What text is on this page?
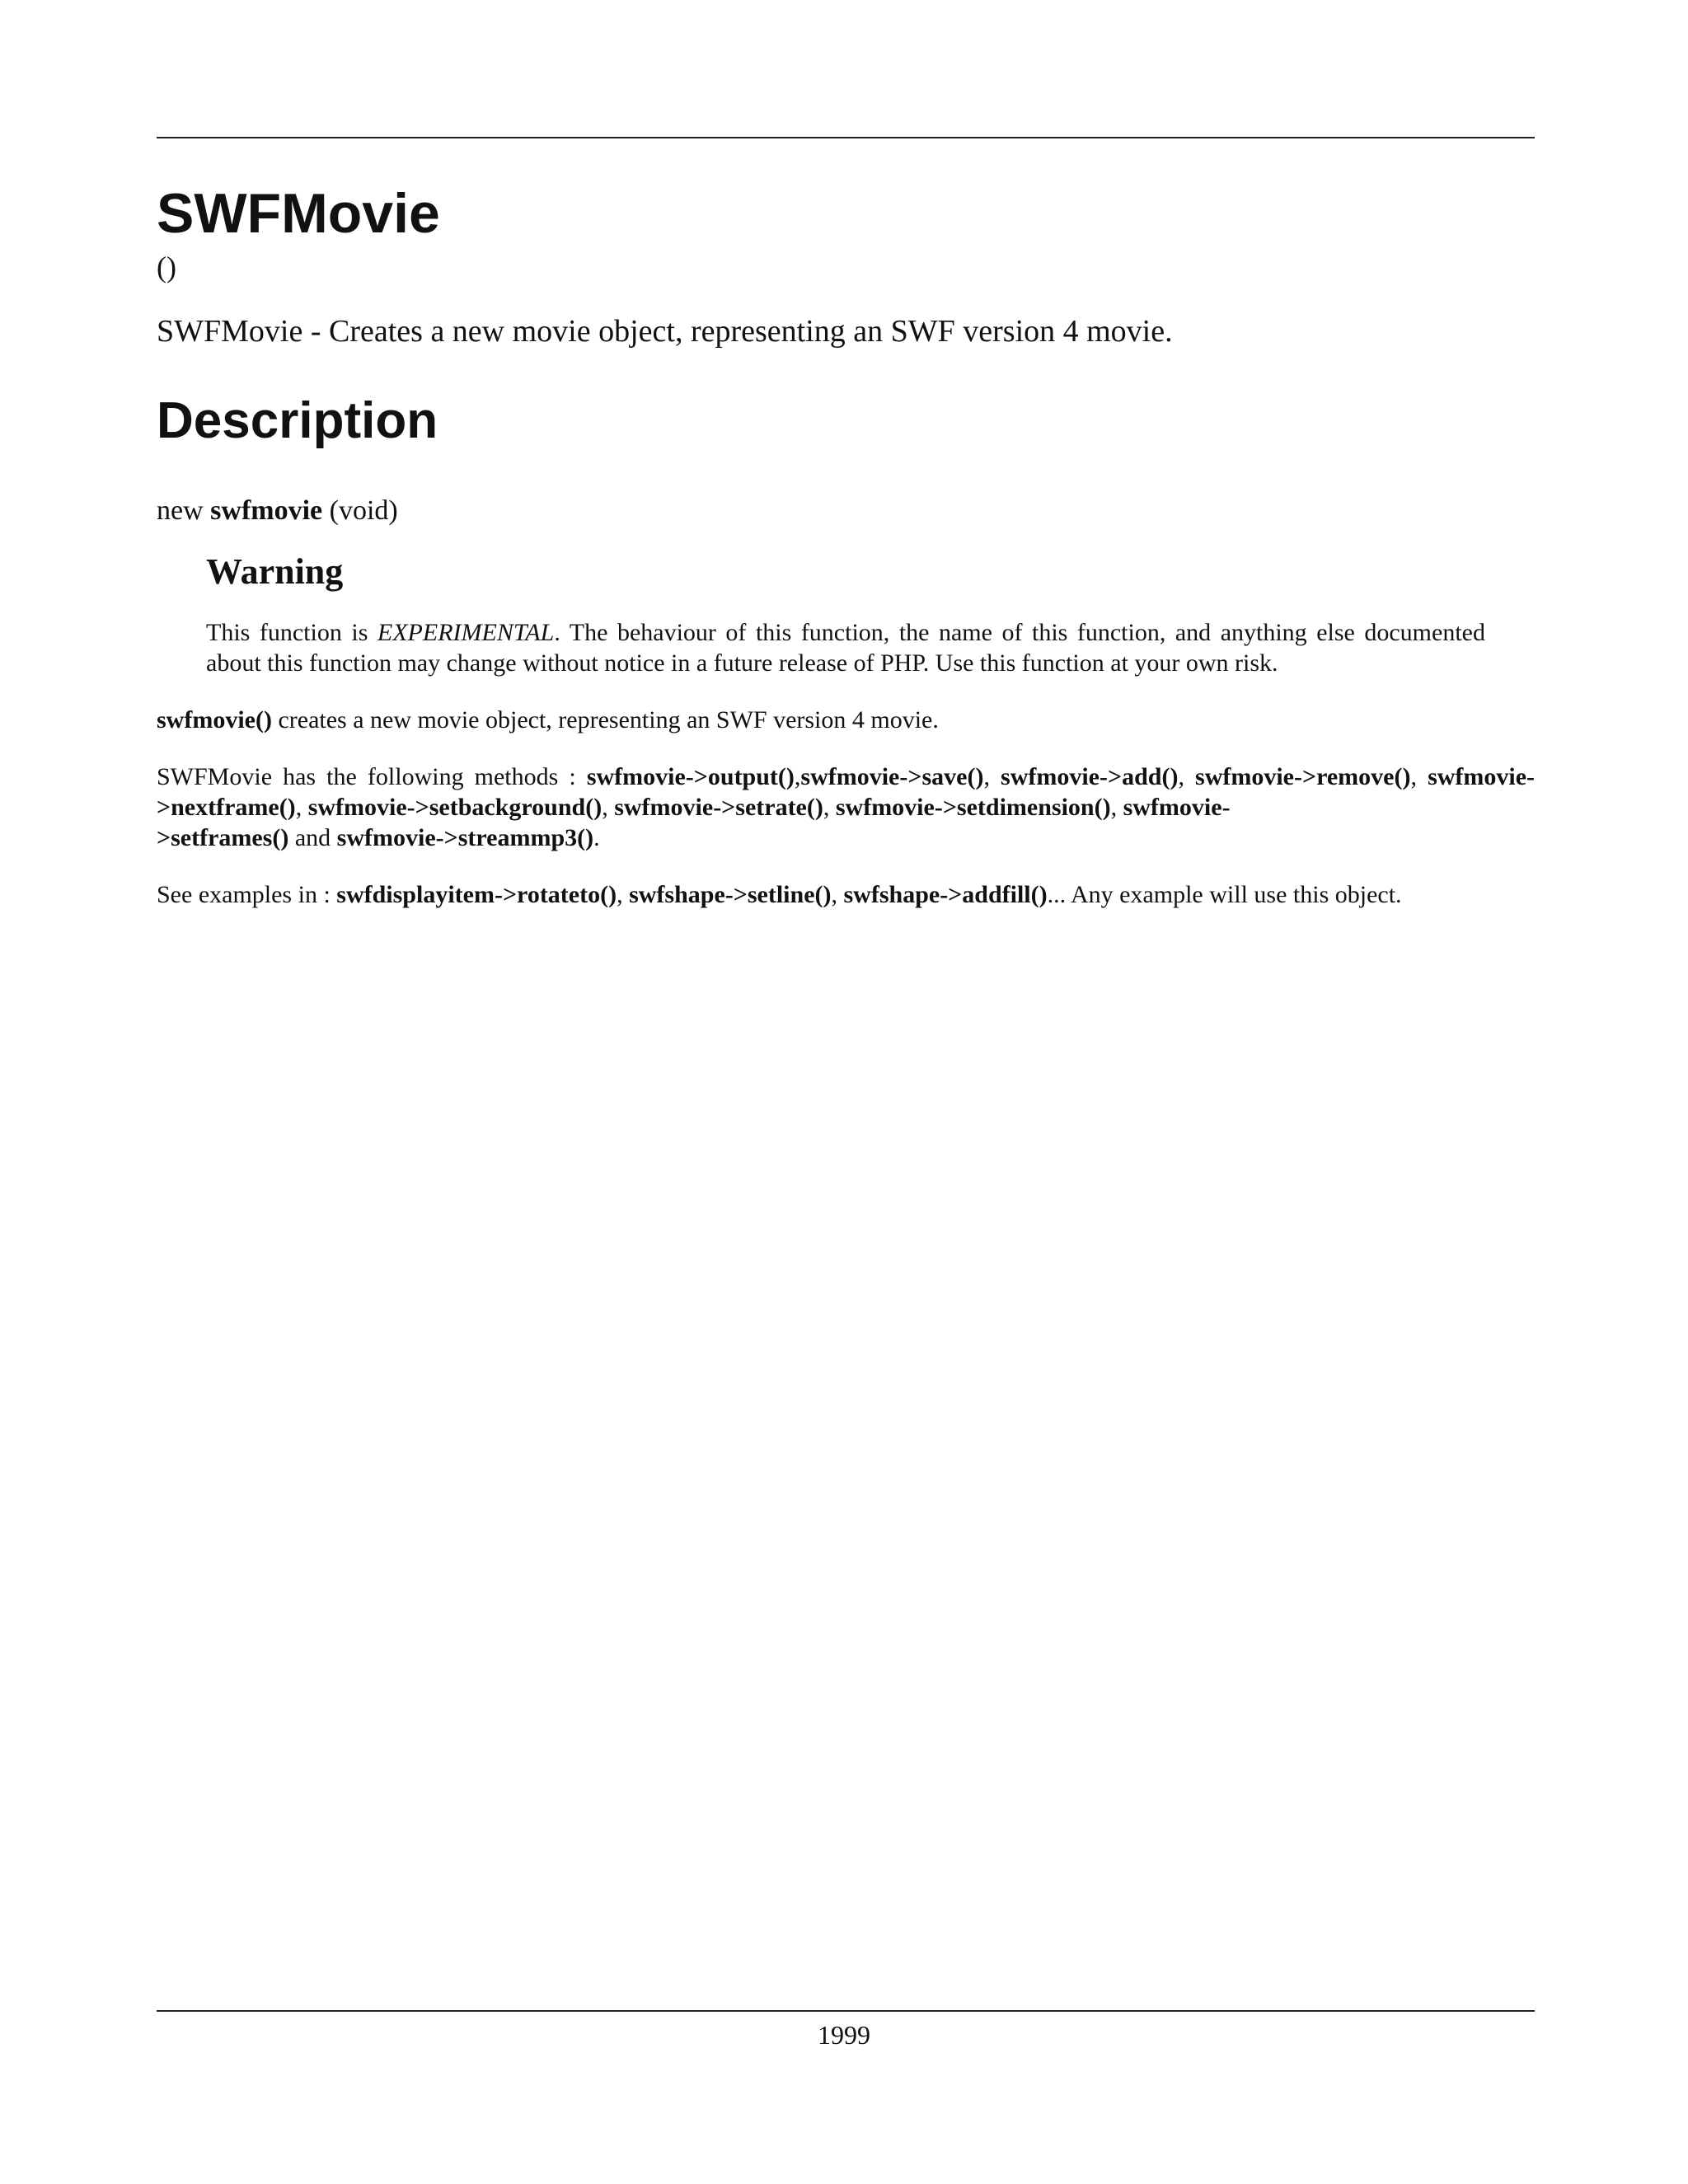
SWFMovie
()

SWFMovie - Creates a new movie object, representing an SWF version 4 movie.

Description
new swfmovie (void)
Warning

This function is EXPERIMENTAL. The behaviour of this function, the name of this function, and anything else documented about this function may change without notice in a future release of PHP. Use this function at your own risk.

swfmovie() creates a new movie object, representing an SWF version 4 movie.

SWFMovie has the following methods : swfmovie->output(),swfmovie->save(), swfmovie->add(), swfmovie->remove(), swfmovie->nextframe(), swfmovie->setbackground(), swfmovie->setrate(), swfmovie->setdimension(), swfmovie-
>setframes() and swfmovie->streammp3().

See examples in : swfdisplayitem->rotateto(), swfshape->setline(), swfshape->addfill()... Any example will use this object.

1999
